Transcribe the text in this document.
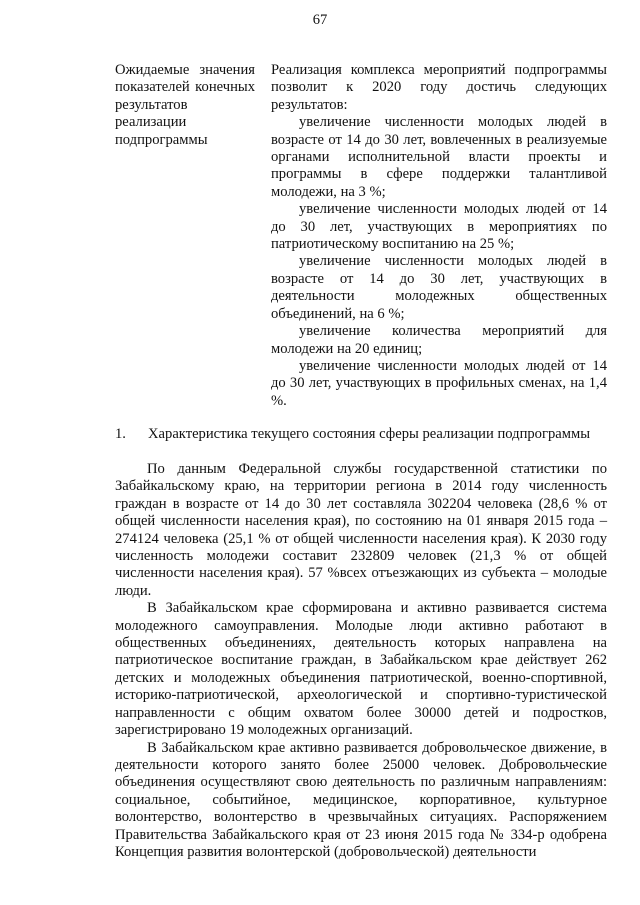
67

Ожидаемые значения показателей конечных результатов реализации подпрограммы

Реализация комплекса мероприятий подпрограммы позволит к 2020 году достичь следующих результатов:

увеличение численности молодых людей в возрасте от 14 до 30 лет, вовлеченных в реализуемые органами исполнительной власти проекты и программы в сфере поддержки талантливой молодежи, на 3 %;

увеличение численности молодых людей от 14 до 30 лет, участвующих в мероприятиях по патриотическому воспитанию на 25 %;

увеличение численности молодых людей в возрасте от 14 до 30 лет, участвующих в деятельности молодежных общественных объединений, на 6 %;

увеличение количества мероприятий для молодежи на 20 единиц;

увеличение численности молодых людей от 14 до 30 лет, участвующих в профильных сменах, на 1,4 %.

1. Характеристика текущего состояния сферы реализации подпрограммы

По данным Федеральной службы государственной статистики по Забайкальскому краю, на территории региона в 2014 году численность граждан в возрасте от 14 до 30 лет составляла 302204 человека (28,6 % от общей численности населения края), по состоянию на 01 января 2015 года – 274124 человека (25,1 % от общей численности населения края). К 2030 году численность молодежи составит 232809 человек (21,3 % от общей численности населения края). 57 %всех отъезжающих из субъекта – молодые люди.

В Забайкальском крае сформирована и активно развивается система молодежного самоуправления. Молодые люди активно работают в общественных объединениях, деятельность которых направлена на патриотическое воспитание граждан, в Забайкальском крае действует 262 детских и молодежных объединения патриотической, военно-спортивной, историко-патриотической, археологической и спортивно-туристической направленности с общим охватом более 30000 детей и подростков, зарегистрировано 19 молодежных организаций.

В Забайкальском крае активно развивается добровольческое движение, в деятельности которого занято более 25000 человек. Добровольческие объединения осуществляют свою деятельность по различным направлениям: социальное, событийное, медицинское, корпоративное, культурное волонтерство, волонтерство в чрезвычайных ситуациях. Распоряжением Правительства Забайкальского края от 23 июня 2015 года № 334-р одобрена Концепция развития волонтерской (добровольческой) деятельности
